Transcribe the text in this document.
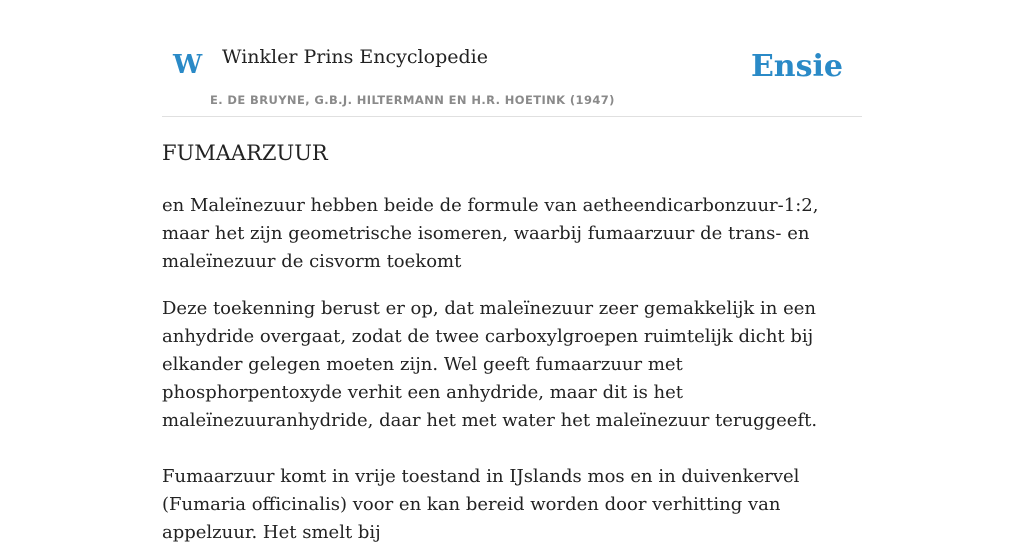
W Winkler Prins Encyclopedie
E. DE BRUYNE, G.B.J. HILTERMANN EN H.R. HOETINK (1947)
Ensie
FUMAARZUUR

en Maleïnezuur hebben beide de formule van aetheendicarbonzuur-1:2, maar het zijn geometrische isomeren, waarbij fumaarzuur de trans- en maleïnezuur de cisvorm toekomt

Deze toekenning berust er op, dat maleïnezuur zeer gemakkelijk in een anhydride overgaat, zodat de twee carboxylgroepen ruimtelijk dicht bij elkander gelegen moeten zijn. Wel geeft fumaarzuur met phosphorpentoxyde verhit een anhydride, maar dit is het maleïnezuuranhydride, daar het met water het maleïnezuur teruggeeft.

Fumaarzuur komt in vrije toestand in IJslands mos en in duivenkervel (Fumaria officinalis) voor en kan bereid worden door verhitting van appelzuur. Het smelt bij
